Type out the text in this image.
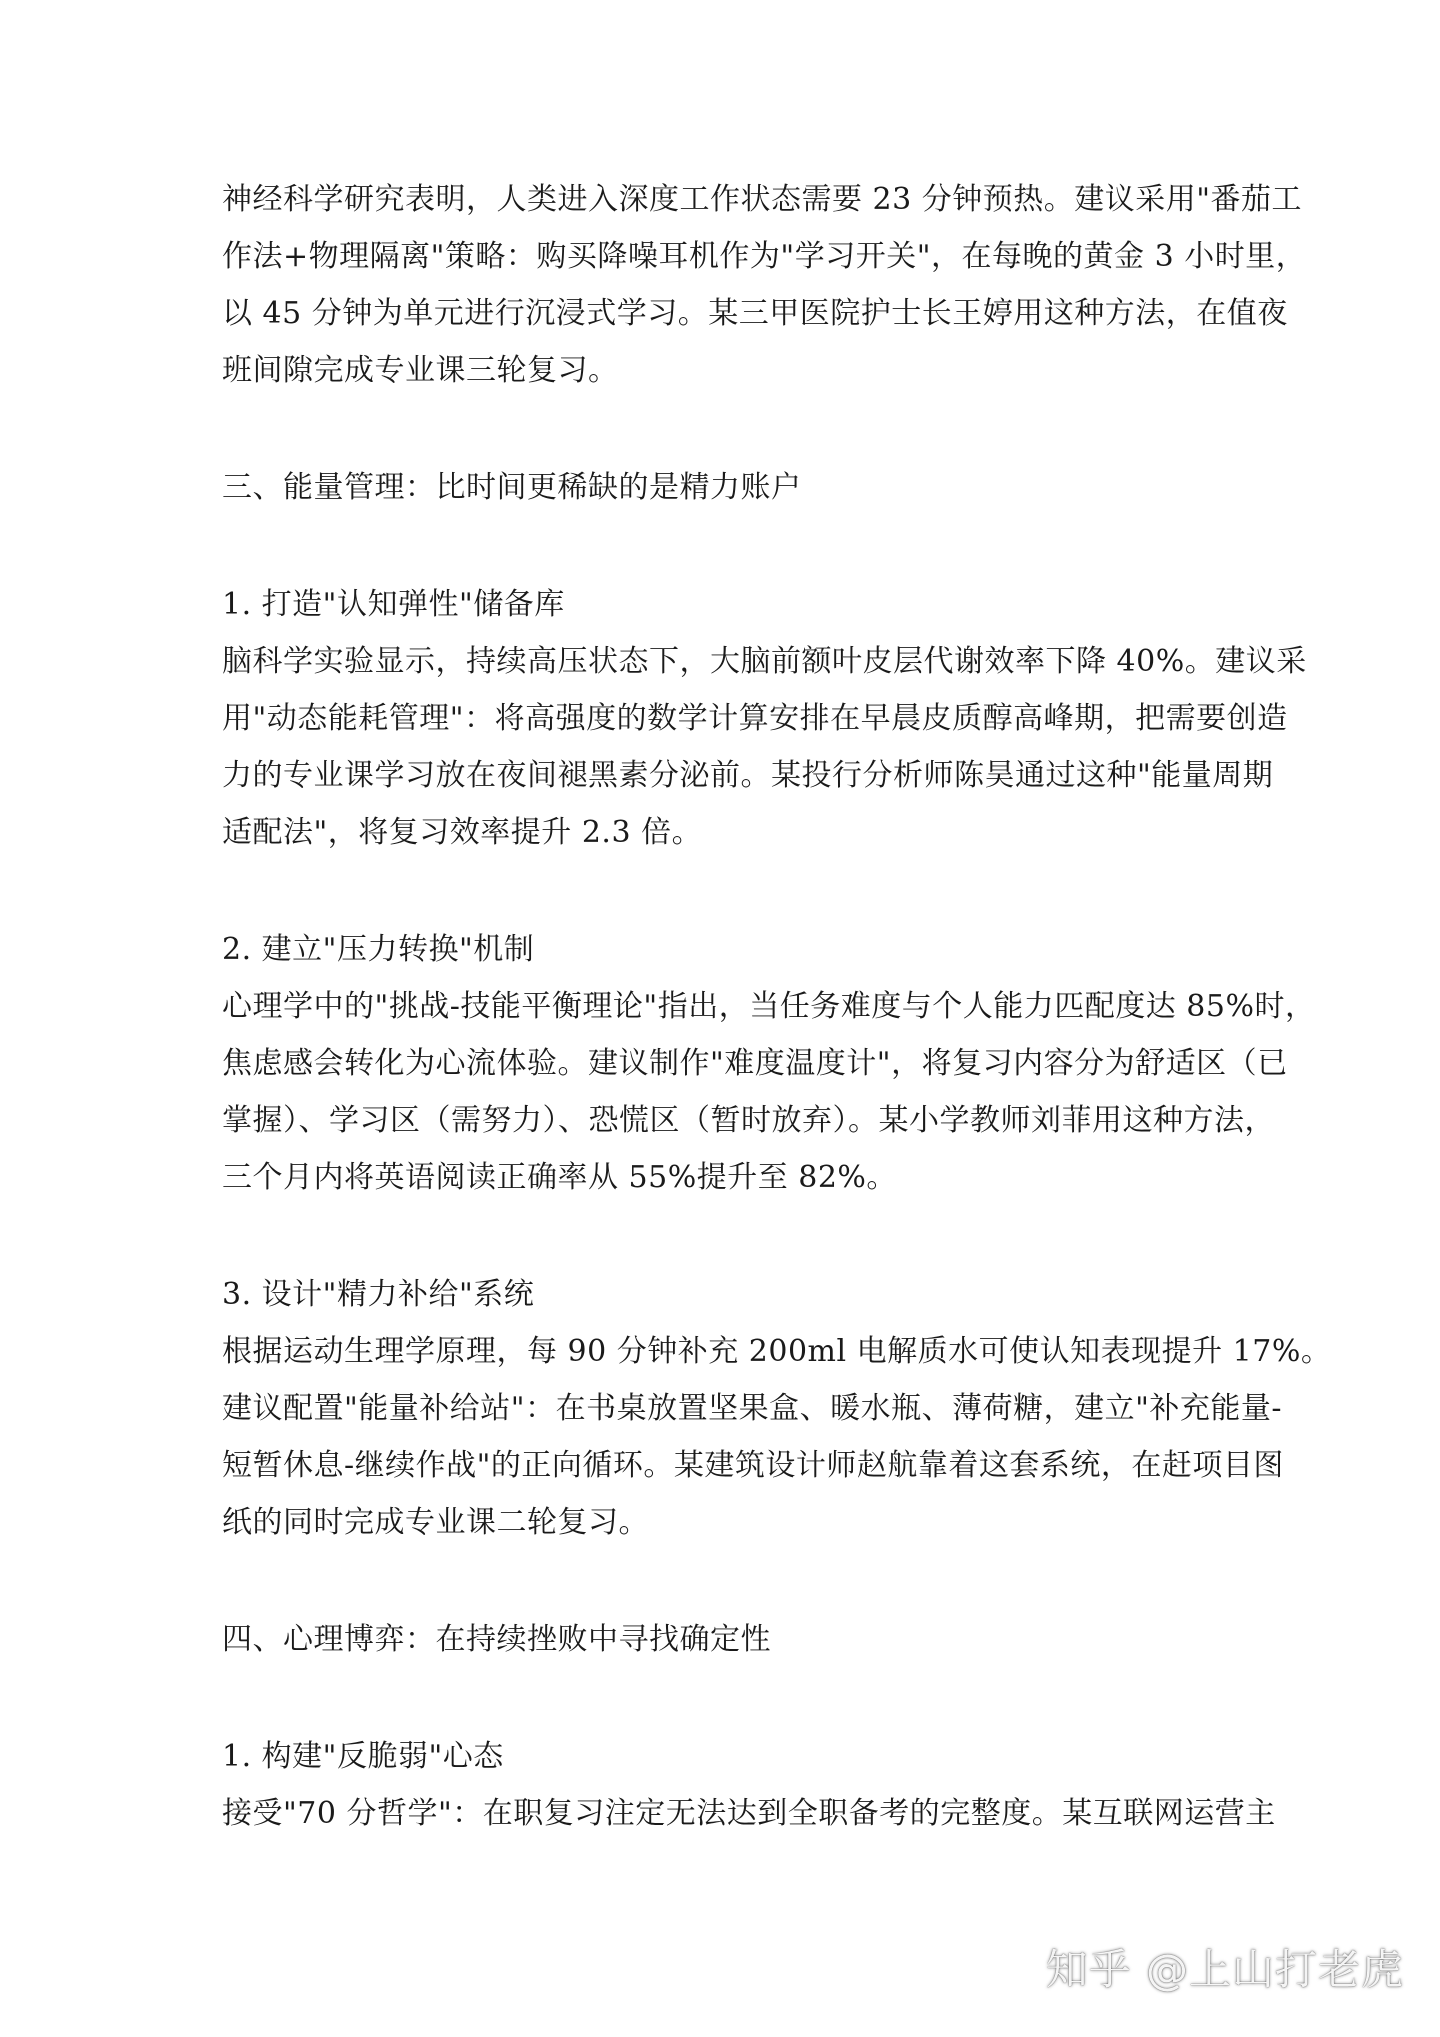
神经科学研究表明，人类进入深度工作状态需要 23 分钟预热。建议采用"番茄工
作法+物理隔离"策略：购买降噪耳机作为"学习开关"，在每晚的黄金 3 小时里，
以 45 分钟为单元进行沉浸式学习。某三甲医院护士长王婷用这种方法，在值夜
班间隙完成专业课三轮复习。
三、能量管理：比时间更稀缺的是精力账户
1. 打造"认知弹性"储备库
脑科学实验显示，持续高压状态下，大脑前额叶皮层代谢效率下降 40%。建议采
用"动态能耗管理"：将高强度的数学计算安排在早晨皮质醇高峰期，把需要创造
力的专业课学习放在夜间褪黑素分泌前。某投行分析师陈昊通过这种"能量周期
适配法"，将复习效率提升 2.3 倍。
2. 建立"压力转换"机制
心理学中的"挑战-技能平衡理论"指出，当任务难度与个人能力匹配度达 85%时，
焦虑感会转化为心流体验。建议制作"难度温度计"，将复习内容分为舒适区（已
掌握）、学习区（需努力）、恐慌区（暂时放弃）。某小学教师刘菲用这种方法，
三个月内将英语阅读正确率从 55%提升至 82%。
3. 设计"精力补给"系统
根据运动生理学原理，每 90 分钟补充 200ml 电解质水可使认知表现提升 17%。
建议配置"能量补给站"：在书桌放置坚果盒、暖水瓶、薄荷糖，建立"补充能量-
短暂休息-继续作战"的正向循环。某建筑设计师赵航靠着这套系统，在赶项目图
纸的同时完成专业课二轮复习。
四、心理博弈：在持续挫败中寻找确定性
1. 构建"反脆弱"心态
接受"70 分哲学"：在职复习注定无法达到全职备考的完整度。某互联网运营主
知乎 @上山打老虎
